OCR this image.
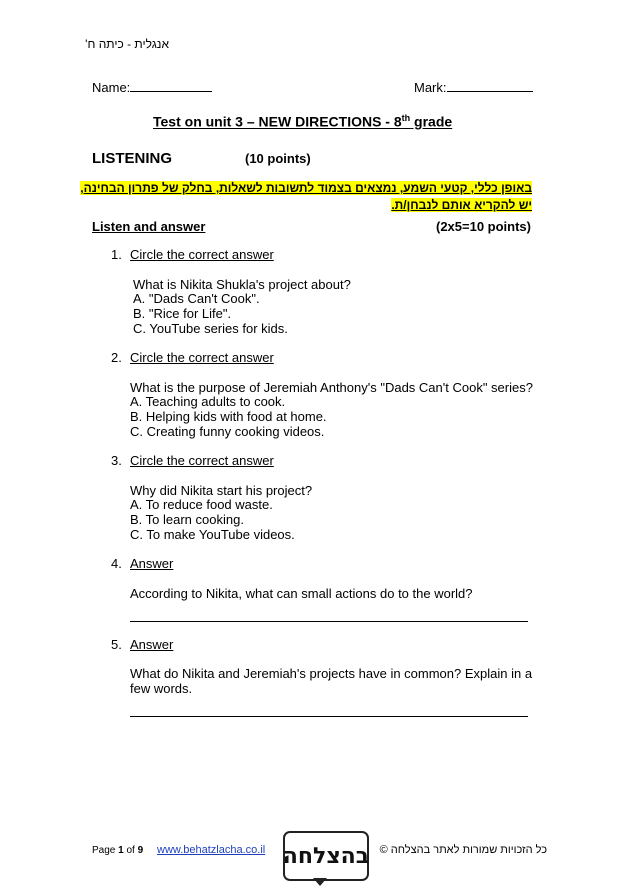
אנגלית - כיתה ח'
Name:	Mark:
Test on unit 3 – NEW DIRECTIONS - 8th grade
LISTENING	(10 points)
באופן כללי, קטעי השמע, נמצאים בצמוד לתשובות לשאלות, בחלק של פתרון הבחינה,
יש להקריא אותם לנבחן/ת.
Listen and answer	(2x5=10 points)
1. Circle the correct answer
What is Nikita Shukla's project about?
A. "Dads Can't Cook".
B. "Rice for Life".
C. YouTube series for kids.
2. Circle the correct answer
What is the purpose of Jeremiah Anthony's "Dads Can't Cook" series?
A. Teaching adults to cook.
B. Helping kids with food at home.
C. Creating funny cooking videos.
3. Circle the correct answer
Why did Nikita start his project?
A. To reduce food waste.
B. To learn cooking.
C. To make YouTube videos.
4. Answer
According to Nikita, what can small actions do to the world?
5. Answer
What do Nikita and Jeremiah's projects have in common? Explain in a few words.
Page 1 of 9 www.behatzlacha.co.il בהצלחה כל הזכויות שמורות לאתר בהצלחה ©
